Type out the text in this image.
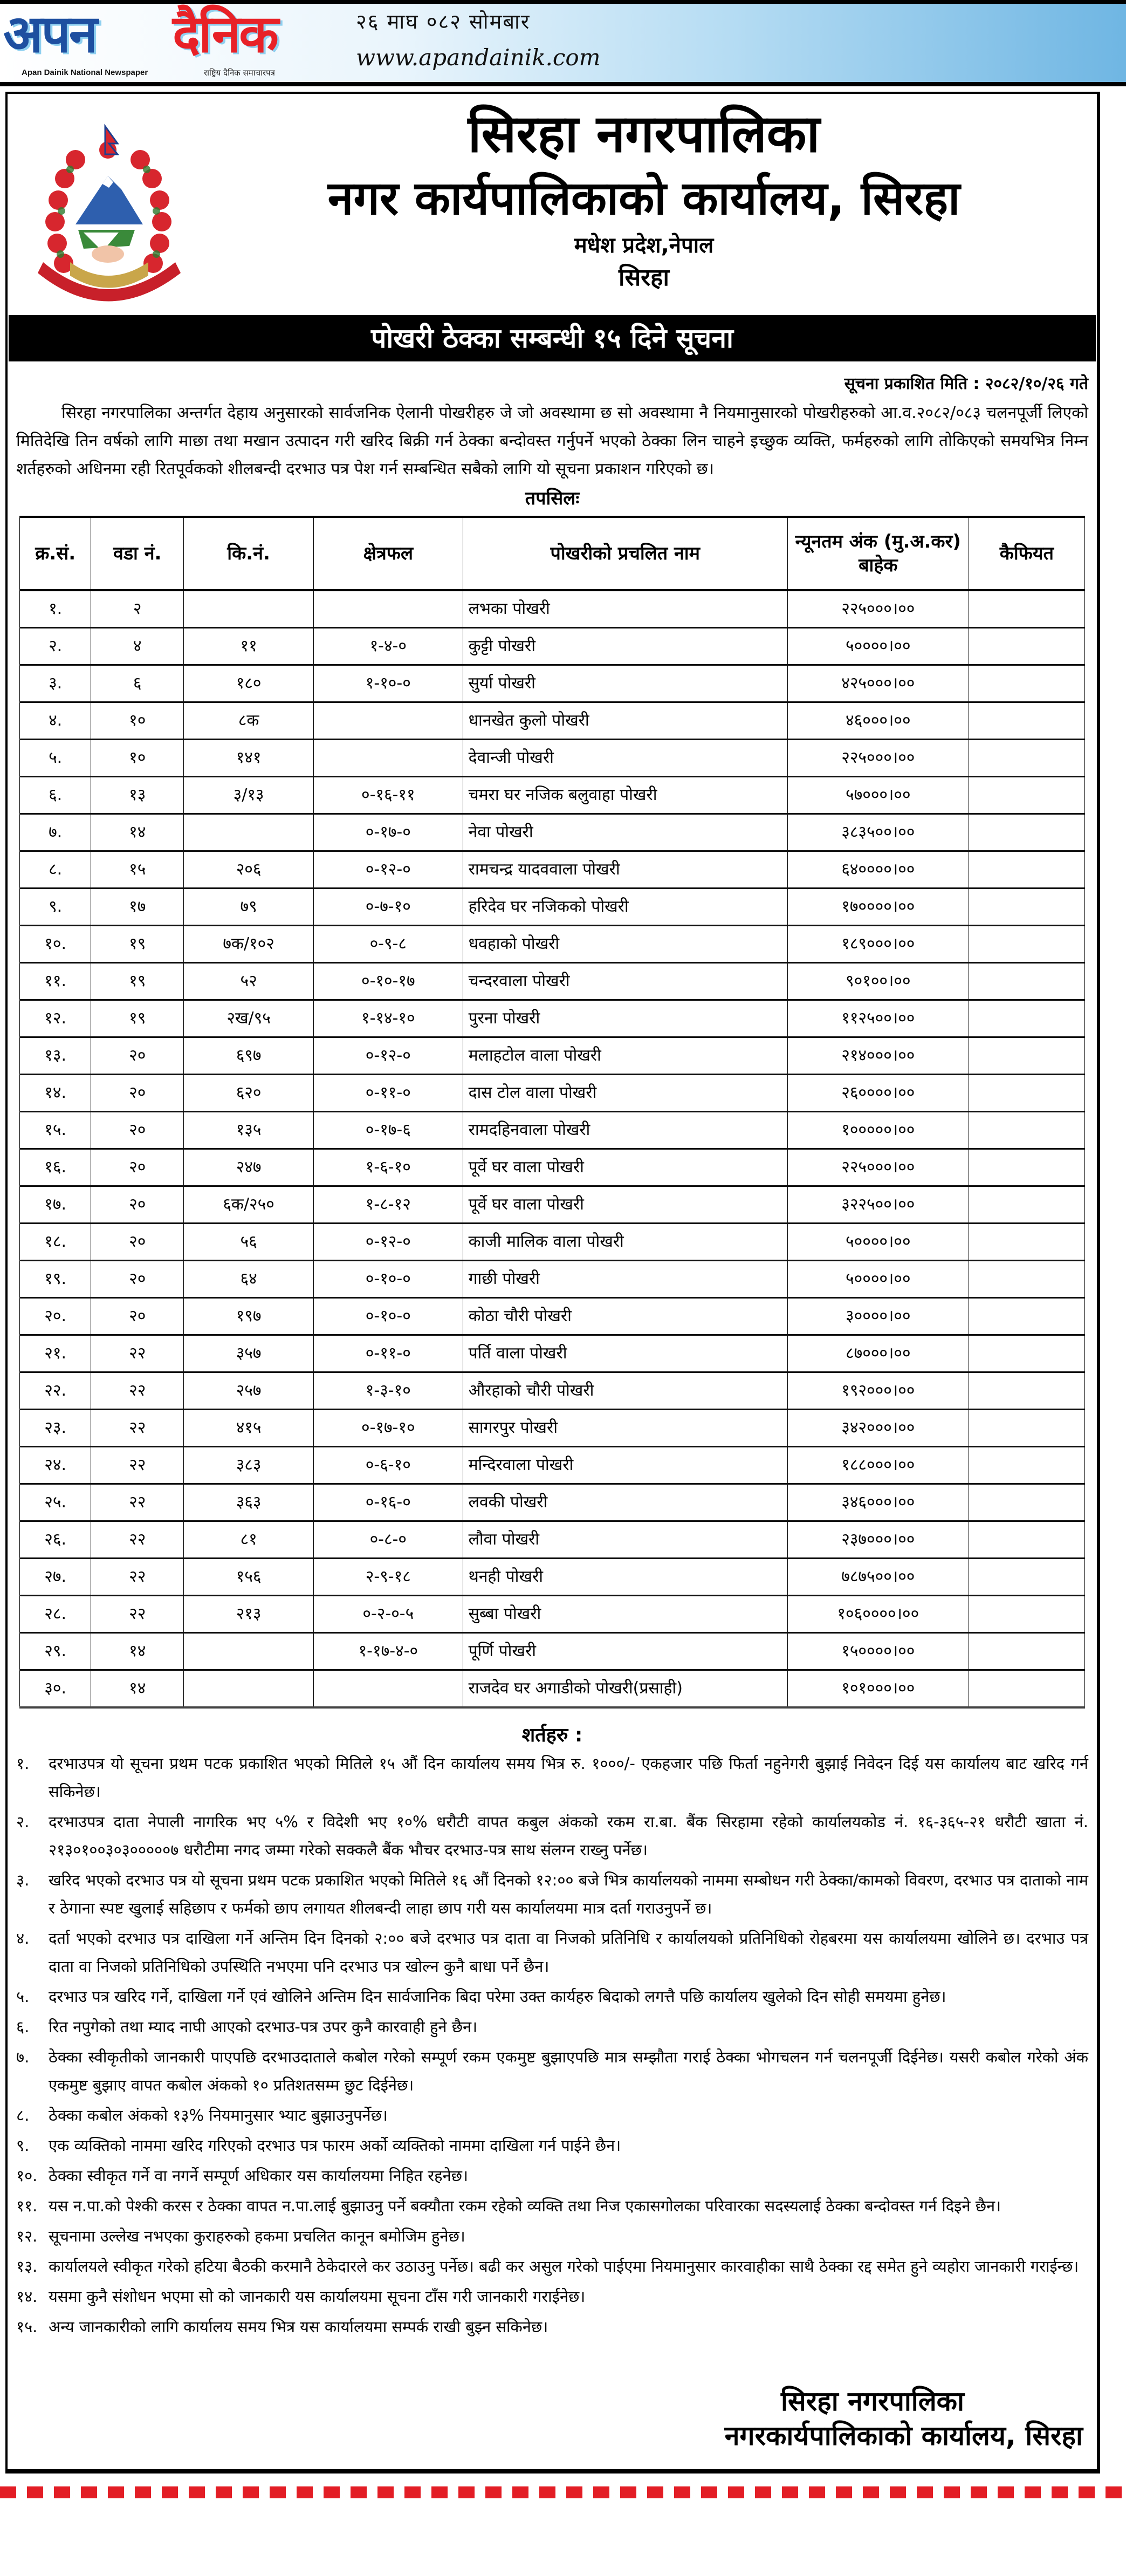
अपन दैनिक
Apan Dainik National Newspaper	राष्ट्रिय दैनिक समाचारपत्र
२६ माघ ०८२ सोमबार
www.apandainik.com
सिरहा नगरपालिका
नगर कार्यपालिकाको कार्यालय, सिरहा
मधेश प्रदेश,नेपाल
सिरहा
पोखरी ठेक्का सम्बन्धी १५ दिने सूचना
सूचना प्रकाशित मिति : २०८२/१०/२६ गते

सिरहा नगरपालिका अन्तर्गत देहाय अनुसारको सार्वजनिक ऐलानी पोखरीहरु जे जो अवस्थामा छ सो अवस्थामा नै नियमानुसारको पोखरीहरुको आ.व.२०८२/०८३ चलनपूर्जी लिएको मितिदेखि तिन वर्षको लागि माछा तथा मखान उत्पादन गरी खरिद बिक्री गर्न ठेक्का बन्दोवस्त गर्नुपर्ने भएको ठेक्का लिन चाहने इच्छुक व्यक्ति, फर्महरुको लागि तोकिएको समयभित्र निम्न शर्तहरुको अधिनमा रही रितपूर्वकको शीलबन्दी दरभाउ पत्र पेश गर्न सम्बन्धित सबैको लागि यो सूचना प्रकाशन गरिएको छ।

तपसिलः
क्र.सं.	वडा नं.	कि.नं.	क्षेत्रफल	पोखरीको प्रचलित नाम	न्यूनतम अंक (मु.अ.कर) बाहेक	कैफियत
१.	२			लभका पोखरी	२२५०००।००	
२.	४	११	१-४-०	कुट्टी पोखरी	५००००।००	
३.	६	१८०	१-१०-०	सुर्या पोखरी	४२५०००।००	
४.	१०	८क		धानखेत कुलो पोखरी	४६०००।००	
५.	१०	१४१		देवान्जी पोखरी	२२५०००।००	
६.	१३	३/१३	०-१६-११	चमरा घर नजिक बलुवाहा पोखरी	५७०००।००	
७.	१४		०-१७-०	नेवा पोखरी	३८३५००।००	
८.	१५	२०६	०-१२-०	रामचन्द्र यादववाला पोखरी	६४००००।००	
९.	१७	७९	०-७-१०	हरिदेव घर नजिकको पोखरी	१७००००।००	
१०.	१९	७क/१०२	०-९-८	धवहाको पोखरी	१८९०००।००	
११.	१९	५२	०-१०-१७	चन्दरवाला पोखरी	९०१००।००	
१२.	१९	२ख/९५	१-१४-१०	पुरना पोखरी	११२५००।००	
१३.	२०	६९७	०-१२-०	मलाहटोल वाला पोखरी	२१४०००।००	
१४.	२०	६२०	०-११-०	दास टोल वाला पोखरी	२६००००।००	
१५.	२०	१३५	०-१७-६	रामदहिनवाला पोखरी	१०००००।००	
१६.	२०	२४७	१-६-१०	पूर्वे घर वाला पोखरी	२२५०००।००	
१७.	२०	६क/२५०	१-८-१२	पूर्वे घर वाला पोखरी	३२२५००।००	
१८.	२०	५६	०-१२-०	काजी मालिक वाला पोखरी	५००००।००	
१९.	२०	६४	०-१०-०	गाछी पोखरी	५००००।००	
२०.	२०	१९७	०-१०-०	कोठा चौरी पोखरी	३००००।००	
२१.	२२	३५७	०-११-०	पर्ति वाला पोखरी	८७०००।००	
२२.	२२	२५७	१-३-१०	औरहाको चौरी पोखरी	१९२०००।००	
२३.	२२	४१५	०-१७-१०	सागरपुर पोखरी	३४२०००।००	
२४.	२२	३८३	०-६-१०	मन्दिरवाला पोखरी	१८८०००।००	
२५.	२२	३६३	०-१६-०	लवकी पोखरी	३४६०००।००	
२६.	२२	८१	०-८-०	लौवा पोखरी	२३७०००।००	
२७.	२२	१५६	२-९-१८	थनही पोखरी	७८७५००।००	
२८.	२२	२१३	०-२-०-५	सुब्बा पोखरी	१०६००००।००	
२९.	१४		१-१७-४-०	पूर्णि पोखरी	१५००००।००	
३०.	१४			राजदेव घर अगाडीको पोखरी(प्रसाही)	१०१०००।००	
शर्तहरु :
१. दरभाउपत्र यो सूचना प्रथम पटक प्रकाशित भएको मितिले १५ औं दिन कार्यालय समय भित्र रु. १०००/- एकहजार पछि फिर्ता नहुनेगरी बुझाई निवेदन दिई यस कार्यालय बाट खरिद गर्न सकिनेछ।
२. दरभाउपत्र दाता नेपाली नागरिक भए ५% र विदेशी भए १०% धरौटी वापत कबुल अंकको रकम रा.बा. बैंक सिरहामा रहेको कार्यालयकोड नं. १६-३६५-२१ धरौटी खाता नं. २१३०१००३०३०००००७ धरौटीमा नगद जम्मा गरेको सक्कलै बैंक भौचर दरभाउ-पत्र साथ संलग्न राख्नु पर्नेछ।
३. खरिद भएको दरभाउ पत्र यो सूचना प्रथम पटक प्रकाशित भएको मितिले १६ औं दिनको १२:०० बजे भित्र कार्यालयको नाममा सम्बोधन गरी ठेक्का/कामको विवरण, दरभाउ पत्र दाताको नाम र ठेगाना स्पष्ट खुलाई सहिछाप र फर्मको छाप लगायत शीलबन्दी लाहा छाप गरी यस कार्यालयमा मात्र दर्ता गराउनुपर्ने छ।
४. दर्ता भएको दरभाउ पत्र दाखिला गर्ने अन्तिम दिन दिनको २:०० बजे दरभाउ पत्र दाता वा निजको प्रतिनिधि र कार्यालयको प्रतिनिधिको रोहबरमा यस कार्यालयमा खोलिने छ। दरभाउ पत्र दाता वा निजको प्रतिनिधिको उपस्थिति नभएमा पनि दरभाउ पत्र खोल्न कुनै बाधा पर्ने छैन।
५. दरभाउ पत्र खरिद गर्ने, दाखिला गर्ने एवं खोलिने अन्तिम दिन सार्वजानिक बिदा परेमा उक्त कार्यहरु बिदाको लगत्तै पछि कार्यालय खुलेको दिन सोही समयमा हुनेछ।
६. रित नपुगेको तथा म्याद नाघी आएको दरभाउ-पत्र उपर कुनै कारवाही हुने छैन।
७. ठेक्का स्वीकृतीको जानकारी पाएपछि दरभाउदाताले कबोल गरेको सम्पूर्ण रकम एकमुष्ट बुझाएपछि मात्र सम्झौता गराई ठेक्का भोगचलन गर्न चलनपूर्जी दिईनेछ। यसरी कबोल गरेको अंक एकमुष्ट बुझाए वापत कबोल अंकको १० प्रतिशतसम्म छुट दिईनेछ।
८. ठेक्का कबोल अंकको १३% नियमानुसार भ्याट बुझाउनुपर्नेछ।
९. एक व्यक्तिको नाममा खरिद गरिएको दरभाउ पत्र फारम अर्को व्यक्तिको नाममा दाखिला गर्न पाईने छैन।
१०. ठेक्का स्वीकृत गर्ने वा नगर्ने सम्पूर्ण अधिकार यस कार्यालयमा निहित रहनेछ।
११. यस न.पा.को पेश्की करस र ठेक्का वापत न.पा.लाई बुझाउनु पर्ने बक्यौता रकम रहेको व्यक्ति तथा निज एकासगोलका परिवारका सदस्यलाई ठेक्का बन्दोवस्त गर्न दिइने छैन।
१२. सूचनामा उल्लेख नभएका कुराहरुको हकमा प्रचलित कानून बमोजिम हुनेछ।
१३. कार्यालयले स्वीकृत गरेको हटिया बैठकी करमानै ठेकेदारले कर उठाउनु पर्नेछ। बढी कर असुल गरेको पाईएमा नियमानुसार कारवाहीका साथै ठेक्का रद्द समेत हुने व्यहोरा जानकारी गराईन्छ।
१४. यसमा कुनै संशोधन भएमा सो को जानकारी यस कार्यालयमा सूचना टाँस गरी जानकारी गराईनेछ।
१५. अन्य जानकारीको लागि कार्यालय समय भित्र यस कार्यालयमा सम्पर्क राखी बुझ्न सकिनेछ।
सिरहा नगरपालिका
नगरकार्यपालिकाको कार्यालय, सिरहा
